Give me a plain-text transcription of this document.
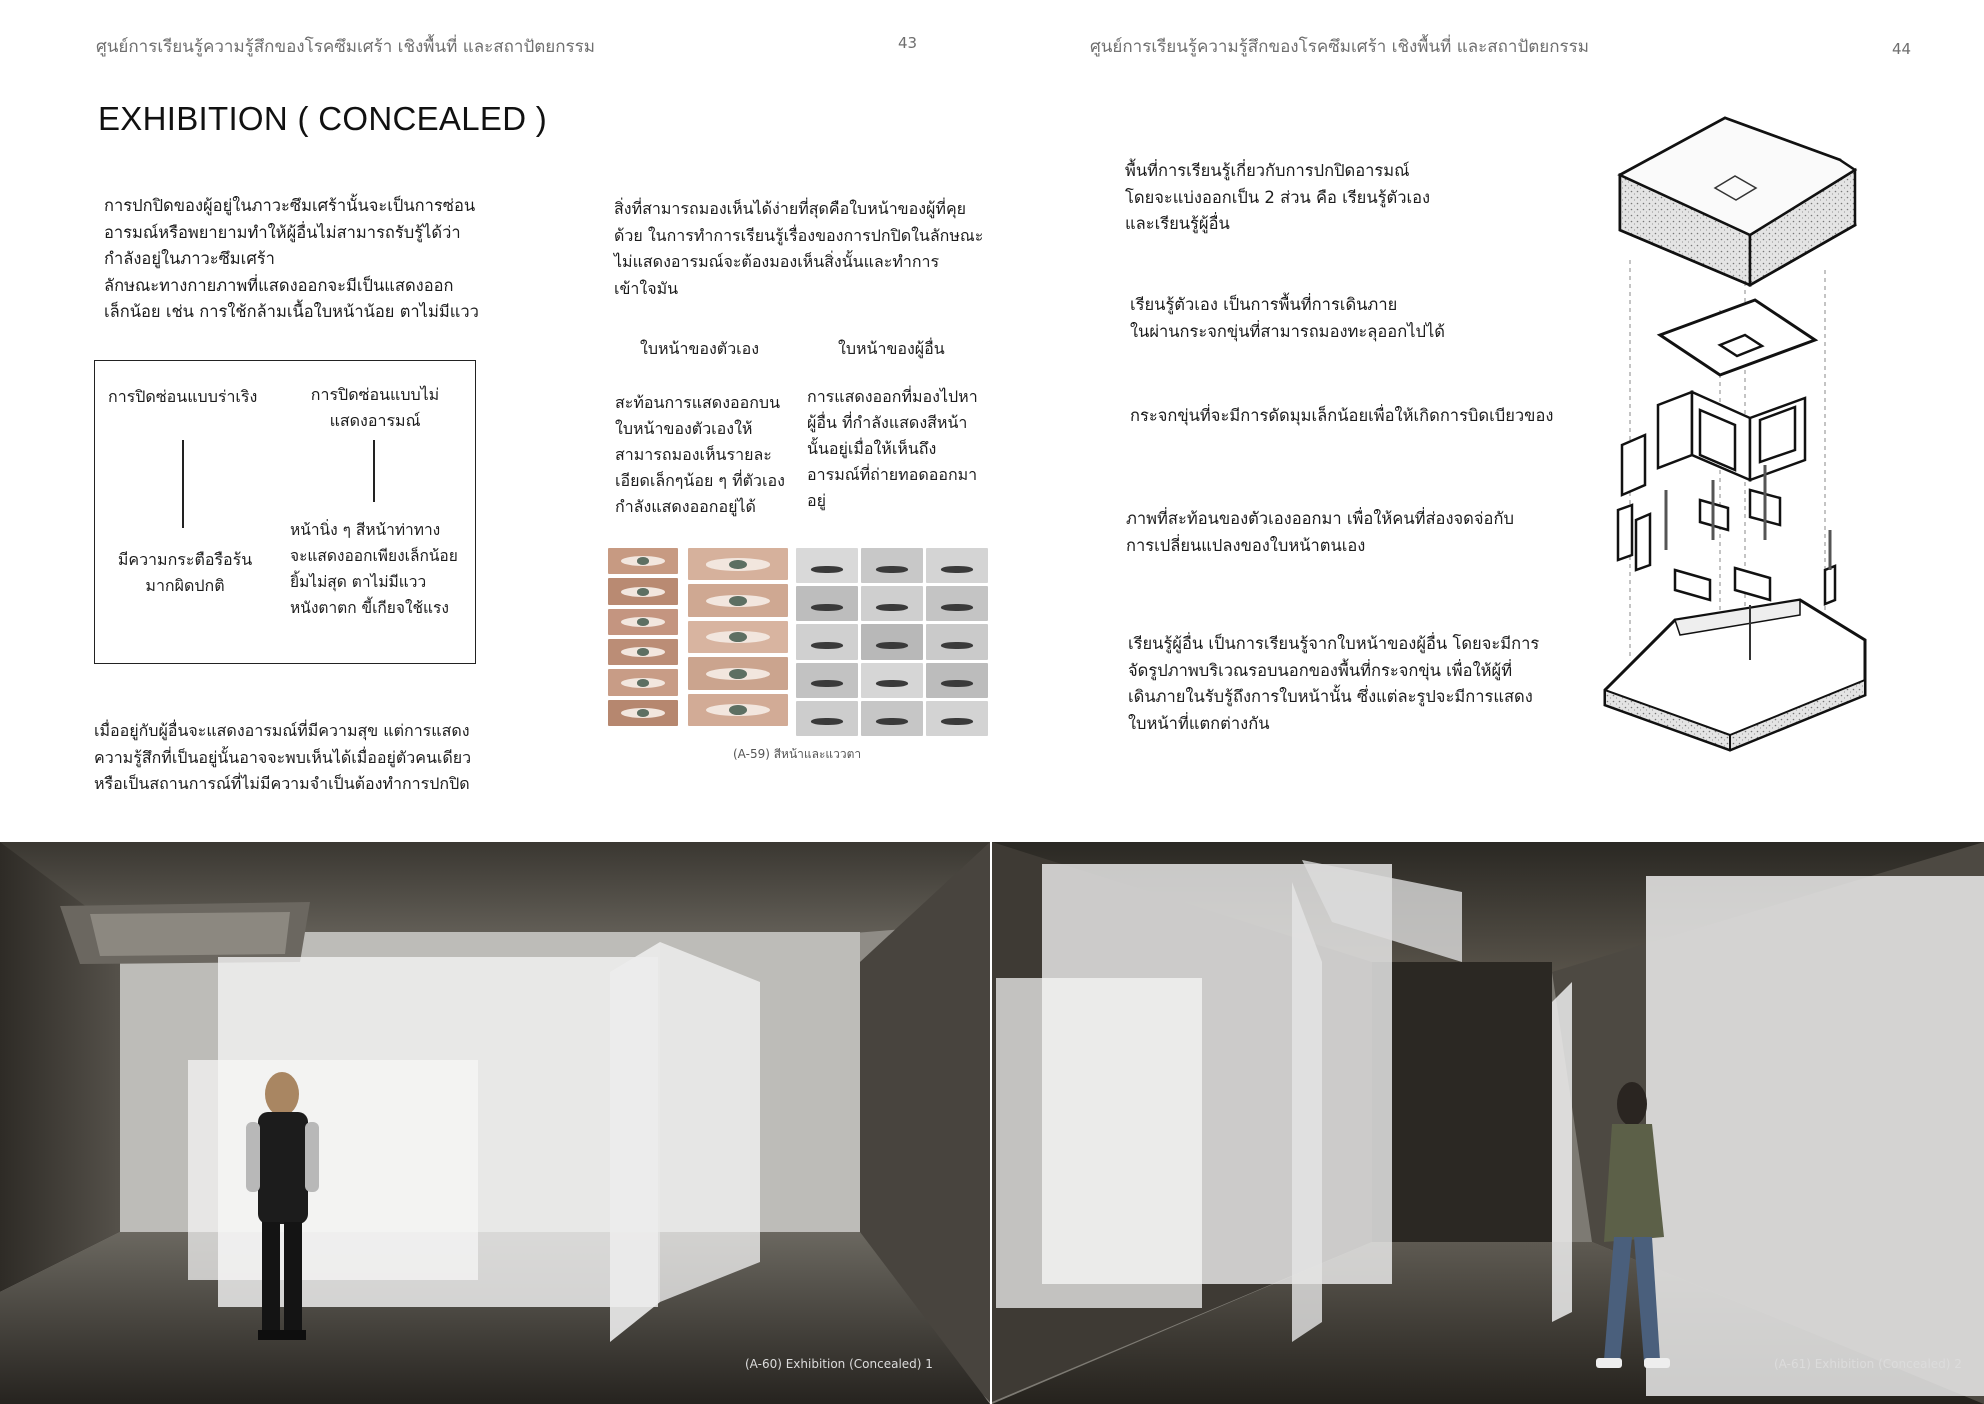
ศูนย์การเรียนรู้ความรู้สึกของโรคซึมเศร้า เชิงพื้นที่ และสถาปัตยกรรม	43	ศูนย์การเรียนรู้ความรู้สึกของโรคซึมเศร้า เชิงพื้นที่ และสถาปัตยกรรม	44
EXHIBITION ( CONCEALED )
การปกปิดของผู้อยู่ในภาวะซึมเศร้านั้นจะเป็นการซ่อน
อารมณ์หรือพยายามทำให้ผู้อื่นไม่สามารถรับรู้ได้ว่า
กำลังอยู่ในภาวะซึมเศร้า
ลักษณะทางกายภาพที่แสดงออกจะมีเป็นแสดงออก
เล็กน้อย เช่น การใช้กล้ามเนื้อใบหน้าน้อย ตาไม่มีแวว
การปิดซ่อนแบบร่าเริง	การปิดซ่อนแบบไม่
แสดงอารมณ์
มีความกระตือรือร้น
มากผิดปกติ
หน้านิ่ง ๆ สีหน้าท่าทาง
จะแสดงออกเพียงเล็กน้อย
ยิ้มไม่สุด ตาไม่มีแวว
หนังตาตก ขี้เกียจใช้แรง
เมื่ออยู่กับผู้อื่นจะแสดงอารมณ์ที่มีความสุข แต่การแสดง
ความรู้สึกที่เป็นอยู่นั้นอาจจะพบเห็นได้เมื่ออยู่ตัวคนเดียว
หรือเป็นสถานการณ์ที่ไม่มีความจำเป็นต้องทำการปกปิด
สิ่งที่สามารถมองเห็นได้ง่ายที่สุดคือใบหน้าของผู้ที่คุย
ด้วย ในการทำการเรียนรู้เรื่องของการปกปิดในลักษณะ
ไม่แสดงอารมณ์จะต้องมองเห็นสิ่งนั้นและทำการ
เข้าใจมัน
ใบหน้าของตัวเอง	ใบหน้าของผู้อื่น
สะท้อนการแสดงออกบน
ใบหน้าของตัวเองให้
สามารถมองเห็นรายละ
เอียดเล็กๆน้อย ๆ ที่ตัวเอง
กำลังแสดงออกอยู่ได้
การแสดงออกที่มองไปหา
ผู้อื่น ที่กำลังแสดงสีหน้า
นั้นอยู่เมื่อให้เห็นถึง
อารมณ์ที่ถ่ายทอดออกมา
อยู่
(A-59) สีหน้าและแววตา
พื้นที่การเรียนรู้เกี่ยวกับการปกปิดอารมณ์
โดยจะแบ่งออกเป็น 2 ส่วน คือ เรียนรู้ตัวเอง
และเรียนรู้ผู้อื่น
เรียนรู้ตัวเอง เป็นการพื้นที่การเดินภาย
ในผ่านกระจกขุ่นที่สามารถมองทะลุออกไปได้
กระจกขุ่นที่จะมีการดัดมุมเล็กน้อยเพื่อให้เกิดการบิดเบียวของ
ภาพที่สะท้อนของตัวเองออกมา เพื่อให้คนที่ส่องจดจ่อกับ
การเปลี่ยนแปลงของใบหน้าตนเอง
เรียนรู้ผู้อื่น เป็นการเรียนรู้จากใบหน้าของผู้อื่น โดยจะมีการ
จัดรูปภาพบริเวณรอบนอกของพื้นที่กระจกขุ่น เพื่อให้ผู้ที่
เดินภายในรับรู้ถึงการใบหน้านั้น ซึ่งแต่ละรูปจะมีการแสดง
ใบหน้าที่แตกต่างกัน
(A-60) Exhibition (Concealed) 1	(A-61) Exhibition (Concealed) 2
